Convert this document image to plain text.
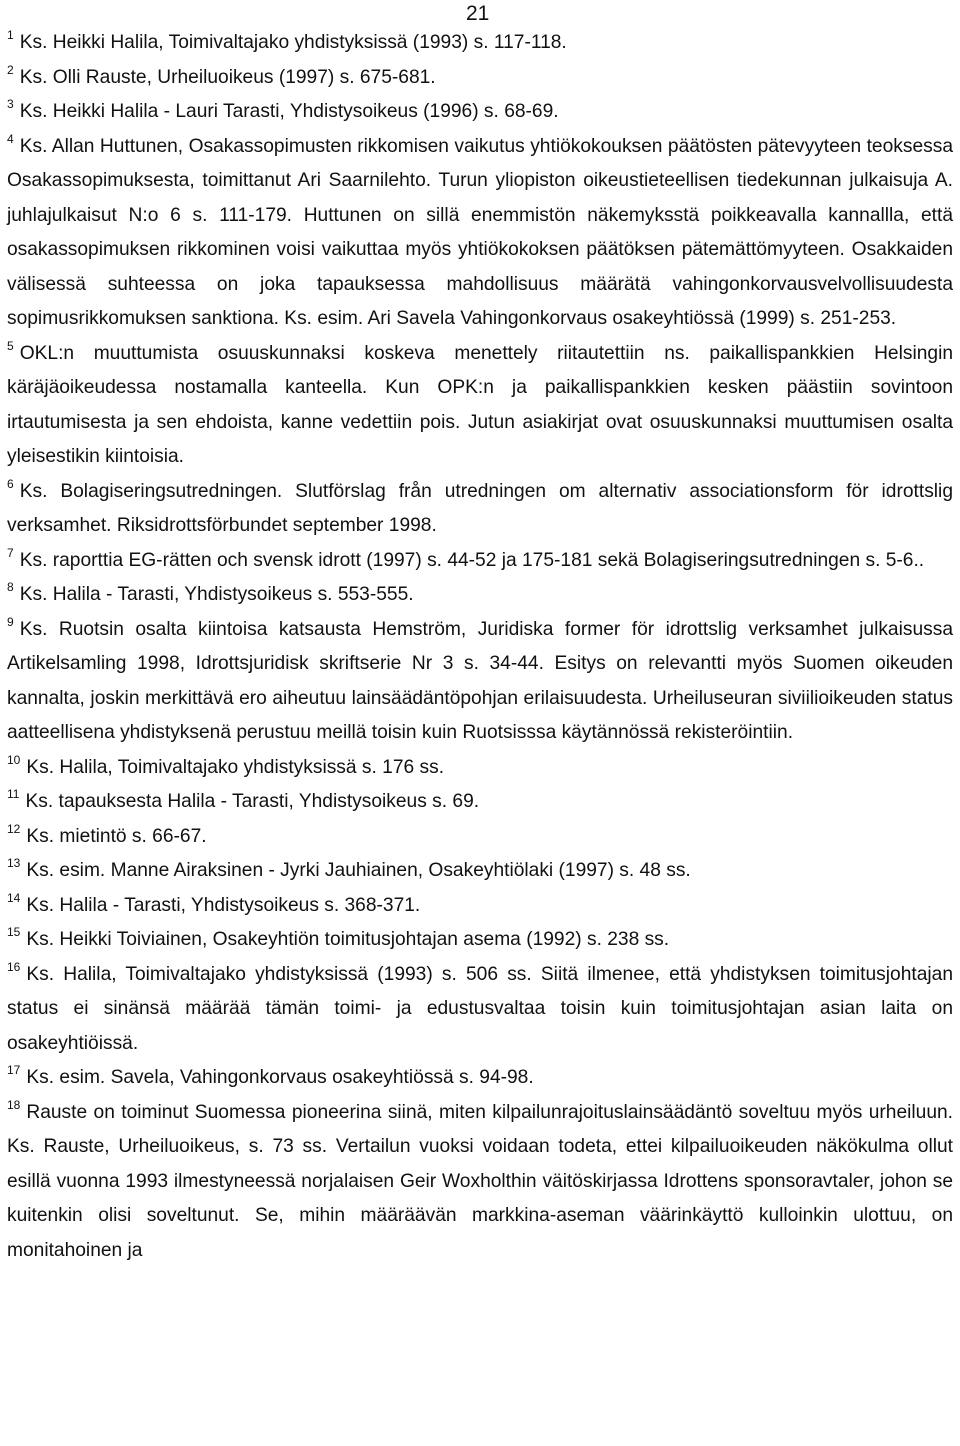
21

$^1$ Ks. Heikki Halila, Toimivaltajako yhdistyksissä (1993) s. 117-118.

$^2$ Ks. Olli Rauste, Urheiluoikeus (1997) s. 675-681.

$^3$ Ks. Heikki Halila - Lauri Tarasti, Yhdistysoikeus (1996) s. 68-69.

$^4$ Ks. Allan Huttunen, Osakassopimusten rikkomisen vaikutus yhtiökokouksen päätösten pätevyyteen teoksessa Osakassopimuksesta, toimittanut Ari Saarnilehto. Turun yliopiston oikeustieteellisen tiedekunnan julkaisuja A. juhlajulkaisut N:o 6 s. 111-179. Huttunen on sillä enemmistön näkemyksstä poikkeavalla kannallla, että osakassopimuksen rikkominen voisi vaikuttaa myös yhtiökokoksen päätöksen pätemättömyyteen. Osakkaiden välisessä suhteessa on joka tapauksessa mahdollisuus määrätä vahingonkorvausvelvollisuudesta sopimusrikkomuksen sanktiona. Ks. esim. Ari Savela Vahingonkorvaus osakeyhtiössä (1999) s. 251-253.

$^5$ OKL:n muuttumista osuuskunnaksi koskeva menettely riitautettiin ns. paikallispankkien Helsingin käräjäoikeudessa nostamalla kanteella. Kun OPK:n ja paikallispankkien kesken päästiin sovintoon irtautumisesta ja sen ehdoista, kanne vedettiin pois. Jutun asiakirjat ovat osuuskunnaksi muuttumisen osalta yleisestikin kiintoisia.

$^6$ Ks. Bolagiseringsutredningen. Slutförslag från utredningen om alternativ associationsform för idrottslig verksamhet. Riksidrottsförbundet september 1998.

$^7$ Ks. raporttia EG-rätten och svensk idrott (1997) s. 44-52 ja 175-181 sekä Bolagiseringsutredningen s. 5-6..

$^8$ Ks. Halila - Tarasti, Yhdistysoikeus s. 553-555.

$^9$ Ks. Ruotsin osalta kiintoisa katsausta Hemström, Juridiska former för idrottslig verksamhet julkaisussa Artikelsamling 1998, Idrottsjuridisk skriftserie Nr 3 s. 34-44. Esitys on relevantti myös Suomen oikeuden kannalta, joskin merkittävä ero aiheutuu lainsäädäntöpohjan erilaisuudesta. Urheiluseuran siviilioikeuden status aatteellisena yhdistyksenä perustuu meillä toisin kuin Ruotsisssa käytännössä rekisteröintiin.

$^{10}$ Ks. Halila, Toimivaltajako yhdistyksissä s. 176 ss.

$^{11}$ Ks. tapauksesta Halila - Tarasti, Yhdistysoikeus s. 69.

$^{12}$ Ks. mietintö s. 66-67.

$^{13}$ Ks. esim. Manne Airaksinen - Jyrki Jauhiainen, Osakeyhtiölaki (1997) s. 48 ss.

$^{14}$ Ks. Halila - Tarasti, Yhdistysoikeus s. 368-371.

$^{15}$ Ks. Heikki Toiviainen, Osakeyhtiön toimitusjohtajan asema (1992) s. 238 ss.

$^{16}$ Ks. Halila, Toimivaltajako yhdistyksissä (1993) s. 506 ss. Siitä ilmenee, että yhdistyksen toimitusjohtajan status ei sinänsä määrää tämän toimi- ja edustusvaltaa toisin kuin toimitusjohtajan asian laita on osakeyhtiöissä.

$^{17}$ Ks. esim. Savela, Vahingonkorvaus osakeyhtiössä s. 94-98.

$^{18}$ Rauste on toiminut Suomessa pioneerina siinä, miten kilpailunrajoituslainsäädäntö soveltuu myös urheiluun. Ks. Rauste, Urheiluoikeus, s. 73 ss. Vertailun vuoksi voidaan todeta, ettei kilpailuoikeuden näkökulma ollut esillä vuonna 1993 ilmestyneessä norjalaisen Geir Woxholthin väitöskirjassa Idrottens sponsoravtaler, johon se kuitenkin olisi soveltunut. Se, mihin määräävän markkina-aseman väärinkäyttö kulloinkin ulottuu, on monitahoinen ja
